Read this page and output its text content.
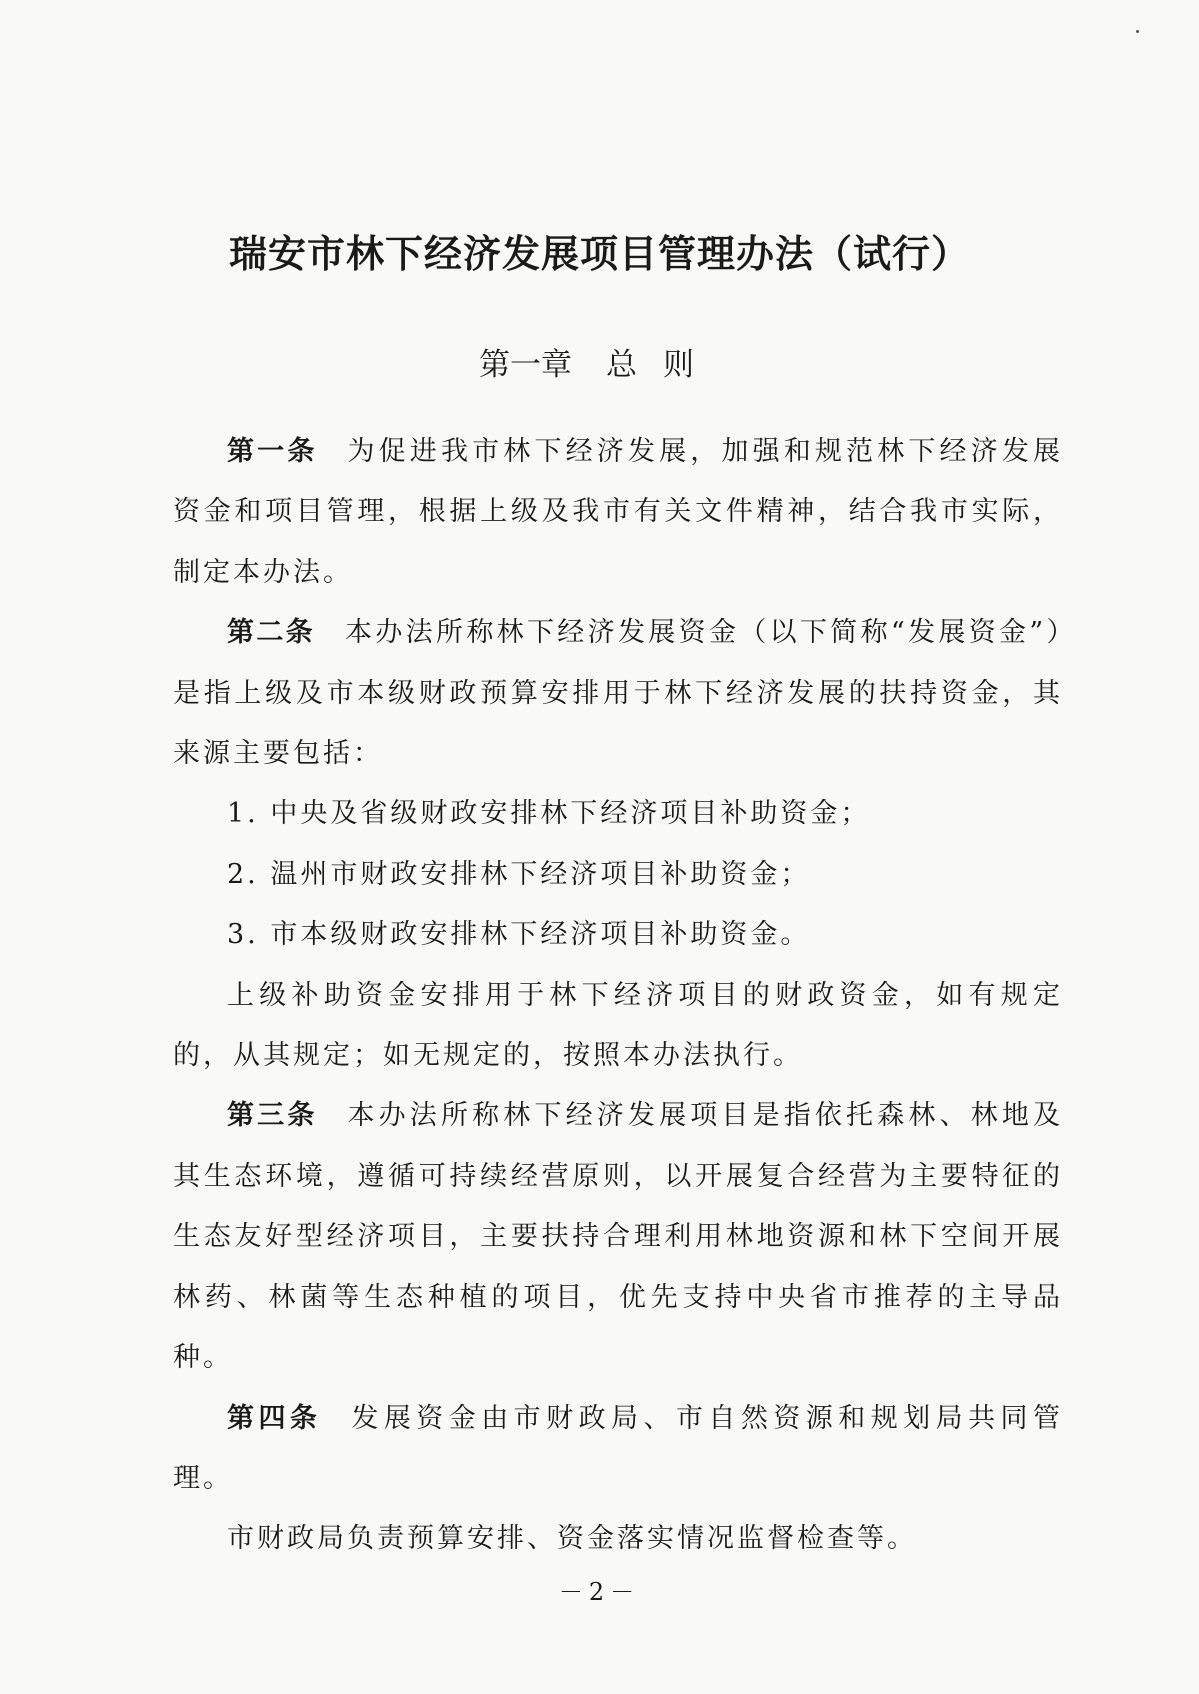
瑞安市林下经济发展项目管理办法（试行）
第一章 总则

第一条 为促进我市林下经济发展，加强和规范林下经济发展资金和项目管理，根据上级及我市有关文件精神，结合我市实际，制定本办法。

第二条 本办法所称林下经济发展资金（以下简称“发展资金”）是指上级及市本级财政预算安排用于林下经济发展的扶持资金，其来源主要包括：

1. 中央及省级财政安排林下经济项目补助资金；

2. 温州市财政安排林下经济项目补助资金；

3. 市本级财政安排林下经济项目补助资金。

上级补助资金安排用于林下经济项目的财政资金，如有规定的，从其规定；如无规定的，按照本办法执行。

第三条 本办法所称林下经济发展项目是指依托森林、林地及其生态环境，遵循可持续经营原则，以开展复合经营为主要特征的生态友好型经济项目，主要扶持合理利用林地资源和林下空间开展林药、林菌等生态种植的项目，优先支持中央省市推荐的主导品种。

第四条 发展资金由市财政局、市自然资源和规划局共同管理。

市财政局负责预算安排、资金落实情况监督检查等。

－2－
